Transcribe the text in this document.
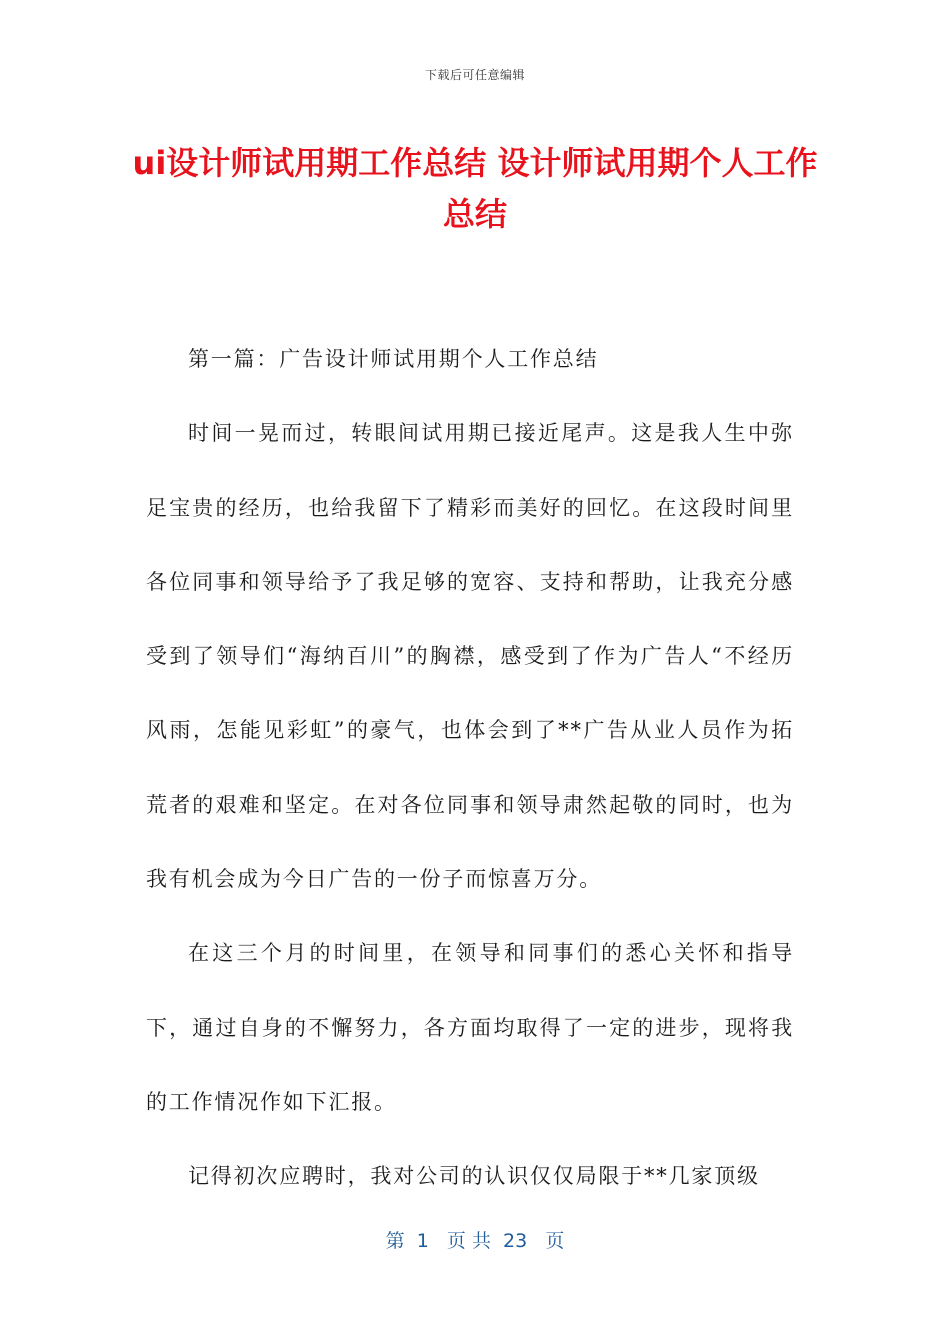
下载后可任意编辑
ui设计师试用期工作总结 设计师试用期个人工作总结

第一篇：广告设计师试用期个人工作总结

时间一晃而过，转眼间试用期已接近尾声。这是我人生中弥足宝贵的经历，也给我留下了精彩而美好的回忆。在这段时间里各位同事和领导给予了我足够的宽容、支持和帮助，让我充分感受到了领导们“海纳百川”的胸襟，感受到了作为广告人“不经历风雨，怎能见彩虹”的豪气，也体会到了**广告从业人员作为拓荒者的艰难和坚定。在对各位同事和领导肃然起敬的同时，也为我有机会成为今日广告的一份子而惊喜万分。

在这三个月的时间里，在领导和同事们的悉心关怀和指导下，通过自身的不懈努力，各方面均取得了一定的进步，现将我的工作情况作如下汇报。

记得初次应聘时，我对公司的认识仅仅局限于**几家顶级

第  1   页 共  23   页
